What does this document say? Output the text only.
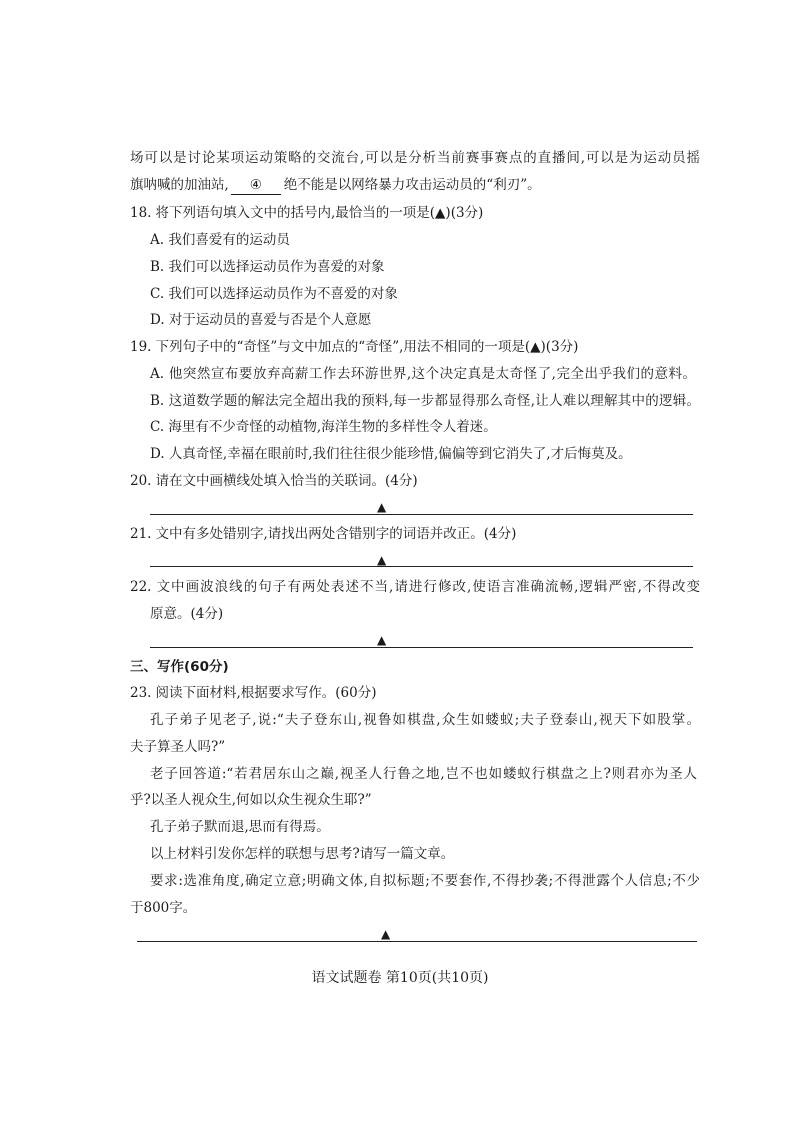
场可以是讨论某项运动策略的交流台,可以是分析当前赛事赛点的直播间,可以是为运动员摇
旗呐喊的加油站, ④ 绝不能是以网络暴力攻击运动员的“利刃”。
18. 将下列语句填入文中的括号内,最恰当的一项是(▲)(3分)
A. 我们喜爱有的运动员
B. 我们可以选择运动员作为喜爱的对象
C. 我们可以选择运动员作为不喜爱的对象
D. 对于运动员的喜爱与否是个人意愿
19. 下列句子中的“奇怪”与文中加点的“奇怪”,用法不相同的一项是(▲)(3分)
A. 他突然宣布要放弃高薪工作去环游世界,这个决定真是太奇怪了,完全出乎我们的意料。
B. 这道数学题的解法完全超出我的预料,每一步都显得那么奇怪,让人难以理解其中的逻辑。
C. 海里有不少奇怪的动植物,海洋生物的多样性令人着迷。
D. 人真奇怪,幸福在眼前时,我们往往很少能珍惜,偏偏等到它消失了,才后悔莫及。
20. 请在文中画横线处填入恰当的关联词。(4分)
▲
21. 文中有多处错别字,请找出两处含错别字的词语并改正。(4分)
▲
22. 文中画波浪线的句子有两处表述不当,请进行修改,使语言准确流畅,逻辑严密,不得改变
原意。(4分)
▲
三、写作(60分)
23. 阅读下面材料,根据要求写作。(60分)
孔子弟子见老子,说:“夫子登东山,视鲁如棋盘,众生如蝼蚁;夫子登泰山,视天下如股掌。
夫子算圣人吗?”
老子回答道:“若君居东山之巅,视圣人行鲁之地,岂不也如蝼蚁行棋盘之上?则君亦为圣人
乎?以圣人视众生,何如以众生视众生耶?”
孔子弟子默而退,思而有得焉。
以上材料引发你怎样的联想与思考?请写一篇文章。
要求:选准角度,确定立意;明确文体,自拟标题;不要套作,不得抄袭;不得泄露个人信息;不少
于800字。
▲
语文试题卷 第10页(共10页)
